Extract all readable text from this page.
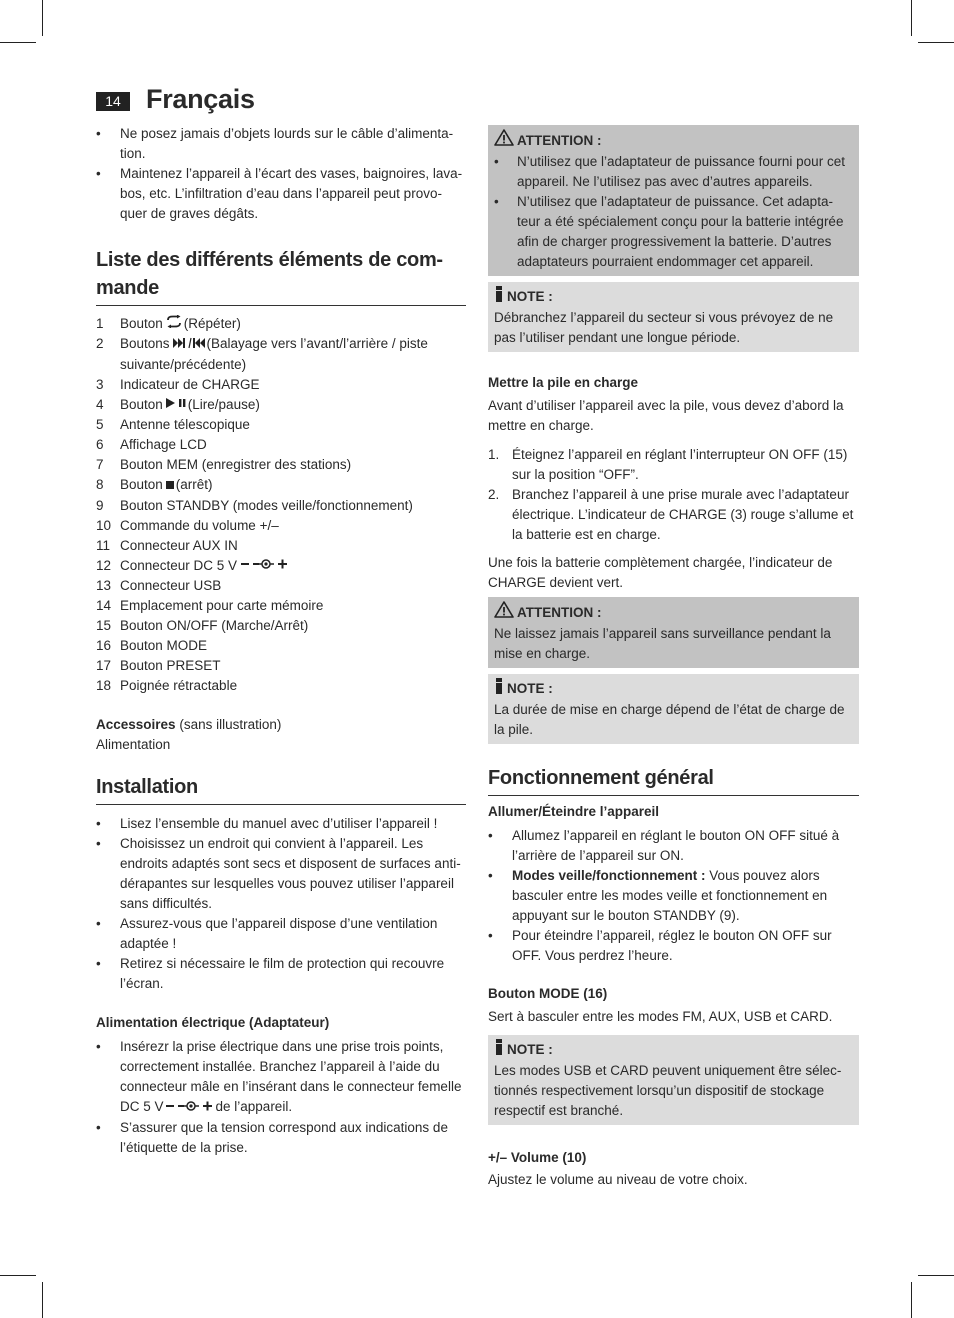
14 Français

• Ne posez jamais d’objets lourds sur le câble d’alimenta- tion.

• Maintenez l’appareil à l’écart des vases, baignoires, lava- bos, etc. L’infiltration d’eau dans l’appareil peut provo- quer de graves dégâts.

Liste des différents éléments de com- mande

1	Bouton (Répéter)
2	Boutons	(Balayage vers l’avant/l’arrière / piste suivante/précédente)
3	Indicateur de CHARGE
4	Bouton (Lire/pause)
5	Antenne télescopique
6	Affichage LCD
7	Bouton MEM (enregistrer des stations)
8	Bouton (arrêt)
9	Bouton STANDBY (modes veille/fonctionnement)
10 Commande du volume +/–
11 Connecteur AUX IN
12 Connecteur DC 5 V
13 Connecteur USB
14 Emplacement pour carte mémoire
15 Bouton ON/OFF (Marche/Arrêt)
16 Bouton MODE
17 Bouton PRESET
18 Poignée rétractable

Accessoires (sans illustration)

Alimentation

Installation

• Lisez l’ensemble du manuel avec d’utiliser l’appareil !

• Choisissez un endroit qui convient à l’appareil. Les endroits adaptés sont secs et disposent de surfaces anti- dérapantes sur lesquelles vous pouvez utiliser l’appareil sans difficultés.

• Assurez-vous que l’appareil dispose d’une ventilation adaptée !

• Retirez si nécessaire le film de protection qui recouvre l’écran.

Alimentation électrique (Adaptateur)

• Insérezr la prise électrique dans une prise trois points, correctement installée. Branchez l’appareil à l’aide du connecteur mâle en l’insérant dans le connecteur femelle DC 5 V	de l’appareil.

• S’assurer que la tension correspond aux indications de l’étiquette de la prise.

ATTENTION :

• N’utilisez que l’adaptateur de puissance fourni pour cet appareil. Ne l’utilisez pas avec d’autres appareils.

• N’utilisez que l’adaptateur de puissance. Cet adapta- teur a été spécialement conçu pour la batterie intégrée afin de charger progressivement la batterie. D’autres adaptateurs pourraient endommager cet appareil.

NOTE :

Débranchez l’appareil du secteur si vous prévoyez de ne pas l’utiliser pendant une longue période.

Mettre la pile en charge

Avant d’utiliser l’appareil avec la pile, vous devez d’abord la mettre en charge.

1. Éteignez l’appareil en réglant l’interrupteur ON OFF (15) sur la position “OFF”.
2. Branchez l’appareil à une prise murale avec l’adaptateur électrique. L’indicateur de CHARGE (3) rouge s’allume et la batterie est en charge.

Une fois la batterie complètement chargée, l’indicateur de CHARGE devient vert.

ATTENTION :

Ne laissez jamais l’appareil sans surveillance pendant la mise en charge.

NOTE :

La durée de mise en charge dépend de l’état de charge de la pile.

Fonctionnement général

Allumer/Éteindre l’appareil

• Allumez l’appareil en réglant le bouton ON OFF situé à l’arrière de l’appareil sur ON.

• Modes veille/fonctionnement : Vous pouvez alors basculer entre les modes veille et fonctionnement en appuyant sur le bouton STANDBY (9).

• Pour éteindre l’appareil, réglez le bouton ON OFF sur OFF. Vous perdrez l’heure.

Bouton MODE (16)

Sert à basculer entre les modes FM, AUX, USB et CARD.

NOTE :

Les modes USB et CARD peuvent uniquement être sélec- tionnés respectivement lorsqu’un dispositif de stockage respectif est branché.

+/– Volume (10)

Ajustez le volume au niveau de votre choix.
